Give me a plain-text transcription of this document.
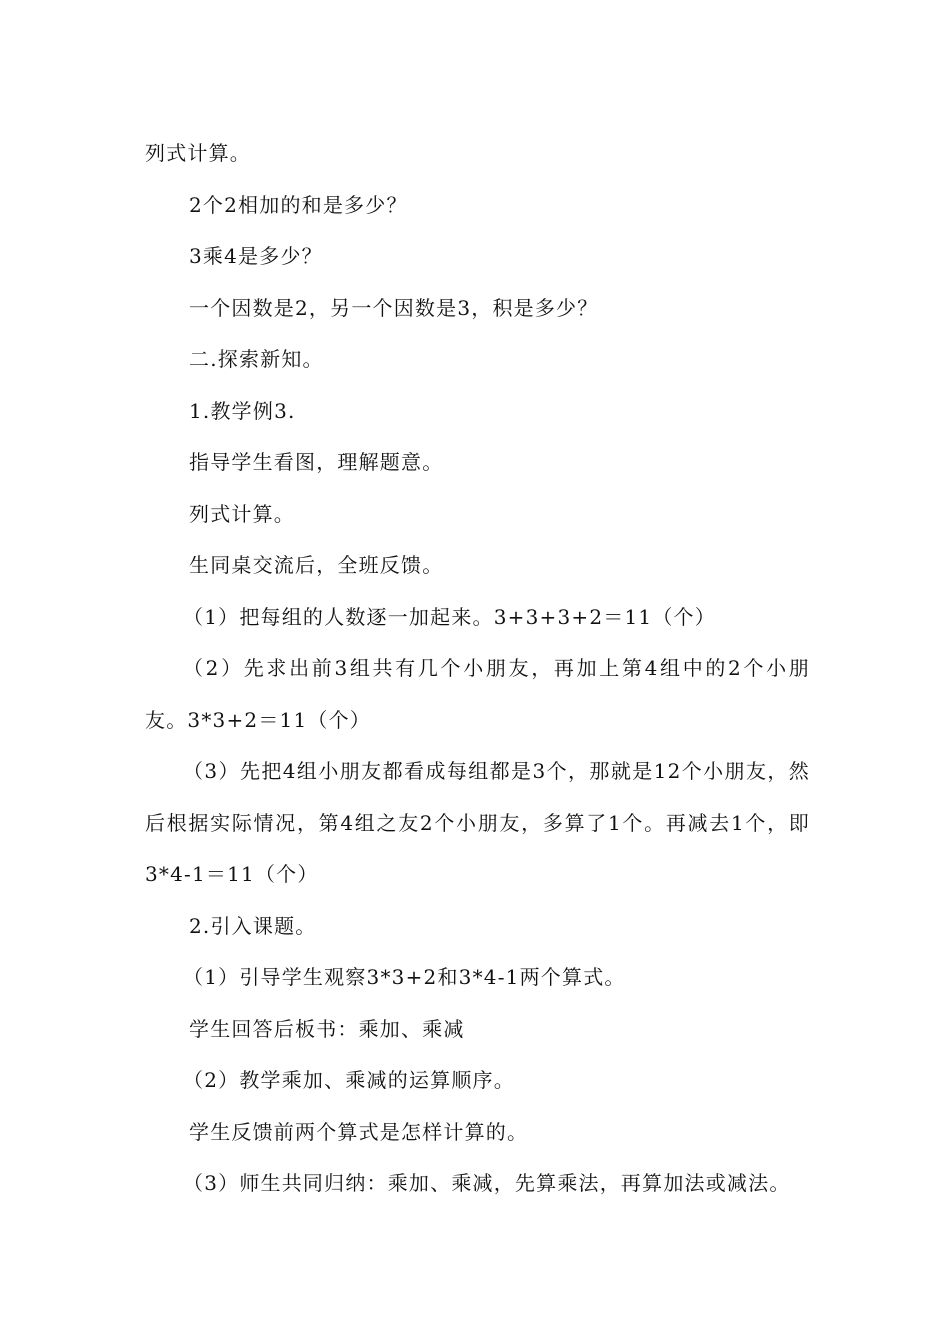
列式计算。

2个2相加的和是多少？

3乘4是多少？

一个因数是2，另一个因数是3，积是多少？

二.探索新知。

1.教学例3.

指导学生看图，理解题意。

列式计算。

生同桌交流后，全班反馈。

（1）把每组的人数逐一加起来。3+3+3+2＝11（个）

（2）先求出前3组共有几个小朋友，再加上第4组中的2个小朋友。3*3+2＝11（个）

（3）先把4组小朋友都看成每组都是3个，那就是12个小朋友，然后根据实际情况，第4组之友2个小朋友，多算了1个。再减去1个，即3*4-1＝11（个）

2.引入课题。

（1）引导学生观察3*3+2和3*4-1两个算式。

学生回答后板书：乘加、乘减

（2）教学乘加、乘减的运算顺序。

学生反馈前两个算式是怎样计算的。

（3）师生共同归纳：乘加、乘减，先算乘法，再算加法或减法。
